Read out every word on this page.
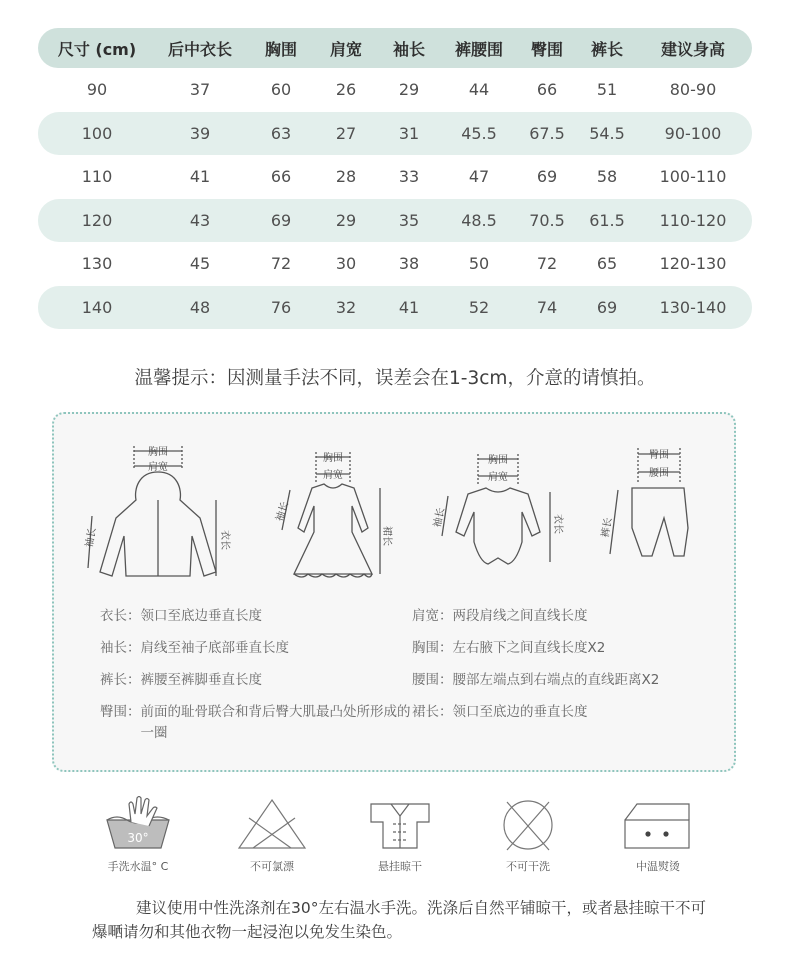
尺寸 (cm)	后中衣长	胸围	肩宽	袖长	裤腰围	臀围	裤长	建议身高
90	37	60	26	29	44	66	51	80-90
100	39	63	27	31	45.5	67.5	54.5	90-100
110	41	66	28	33	47	69	58	100-110
120	43	69	29	35	48.5	70.5	61.5	110-120
130	45	72	30	38	50	72	65	120-130
140	48	76	32	41	52	74	69	130-140
温馨提示：因测量手法不同，误差会在1-3cm，介意的请慎拍。
胸围
肩宽
袖长	衣长
胸围
肩宽
袖长
裙长
胸围
肩宽
袖长	衣长
臀围
腰围
裤长
衣长： 领口至底边垂直长度
袖长： 肩线至袖子底部垂直长度
裤长： 裤腰至裤脚垂直长度
臀围： 前面的耻骨联合和背后臀大肌最凸处所形成的一圈
肩宽： 两段肩线之间直线长度
胸围： 左右腋下之间直线长度X2
腰围： 腰部左端点到右端点的直线距离X2
裙长： 领口至底边的垂直长度
30°
手洗水温° C	不可氯漂	悬挂晾干	不可干洗	中温熨烫
建议使用中性洗涤剂在30°左右温水手洗。洗涤后自然平铺晾干，或者悬挂晾干不可爆嗮请勿和其他衣物一起浸泡以免发生染色。
